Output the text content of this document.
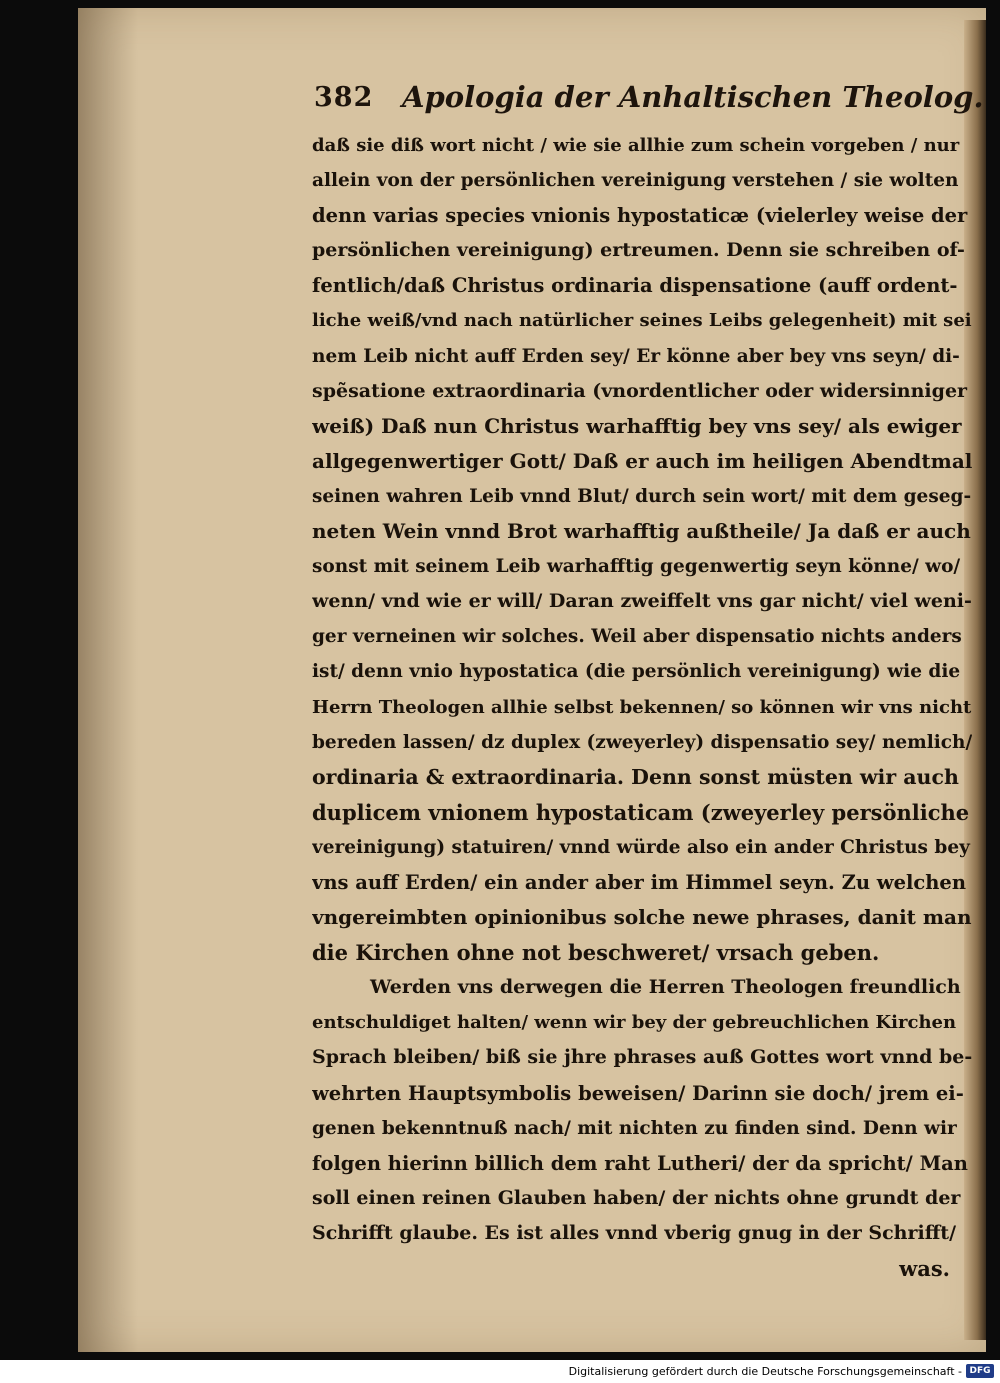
382 Apologia der Anhaltischen Theolog.
daß sie diß wort nicht / wie sie allhie zum schein vorgeben / nur
allein von der persönlichen vereinigung verstehen / sie wolten
denn varias species vnionis hypostaticæ (vielerley weise der
persönlichen vereinigung) ertreumen. Denn sie schreiben of-
fentlich/daß Christus ordinaria dispensatione (auff ordent-
liche weiß/vnd nach natürlicher seines Leibs gelegenheit) mit sei
nem Leib nicht auff Erden sey/ Er könne aber bey vns seyn/ di-
spẽsatione extraordinaria (vnordentlicher oder widersinniger
weiß) Daß nun Christus warhafftig bey vns sey/ als ewiger
allgegenwertiger Gott/ Daß er auch im heiligen Abendtmal
seinen wahren Leib vnnd Blut/ durch sein wort/ mit dem geseg-
neten Wein vnnd Brot warhafftig außtheile/ Ja daß er auch
sonst mit seinem Leib warhafftig gegenwertig seyn könne/ wo/
wenn/ vnd wie er will/ Daran zweiffelt vns gar nicht/ viel weni-
ger verneinen wir solches. Weil aber dispensatio nichts anders
ist/ denn vnio hypostatica (die persönlich vereinigung) wie die
Herrn Theologen allhie selbst bekennen/ so können wir vns nicht
bereden lassen/ dz duplex (zweyerley) dispensatio sey/ nemlich/
ordinaria & extraordinaria. Denn sonst müsten wir auch
duplicem vnionem hypostaticam (zweyerley persönliche
vereinigung) statuiren/ vnnd würde also ein ander Christus bey
vns auff Erden/ ein ander aber im Himmel seyn. Zu welchen
vngereimbten opinionibus solche newe phrases, danit man
die Kirchen ohne not beschweret/ vrsach geben.
Werden vns derwegen die Herren Theologen freundlich
entschuldiget halten/ wenn wir bey der gebreuchlichen Kirchen
Sprach bleiben/ biß sie jhre phrases auß Gottes wort vnnd be-
wehrten Hauptsymbolis beweisen/ Darinn sie doch/ jrem ei-
genen bekenntnuß nach/ mit nichten zu finden sind. Denn wir
folgen hierinn billich dem raht Lutheri/ der da spricht/ Man
soll einen reinen Glauben haben/ der nichts ohne grundt der
Schrifft glaube. Es ist alles vnnd vberig gnug in der Schrifft/
was.
Digitalisierung gefördert durch die Deutsche Forschungsgemeinschaft - DFG
